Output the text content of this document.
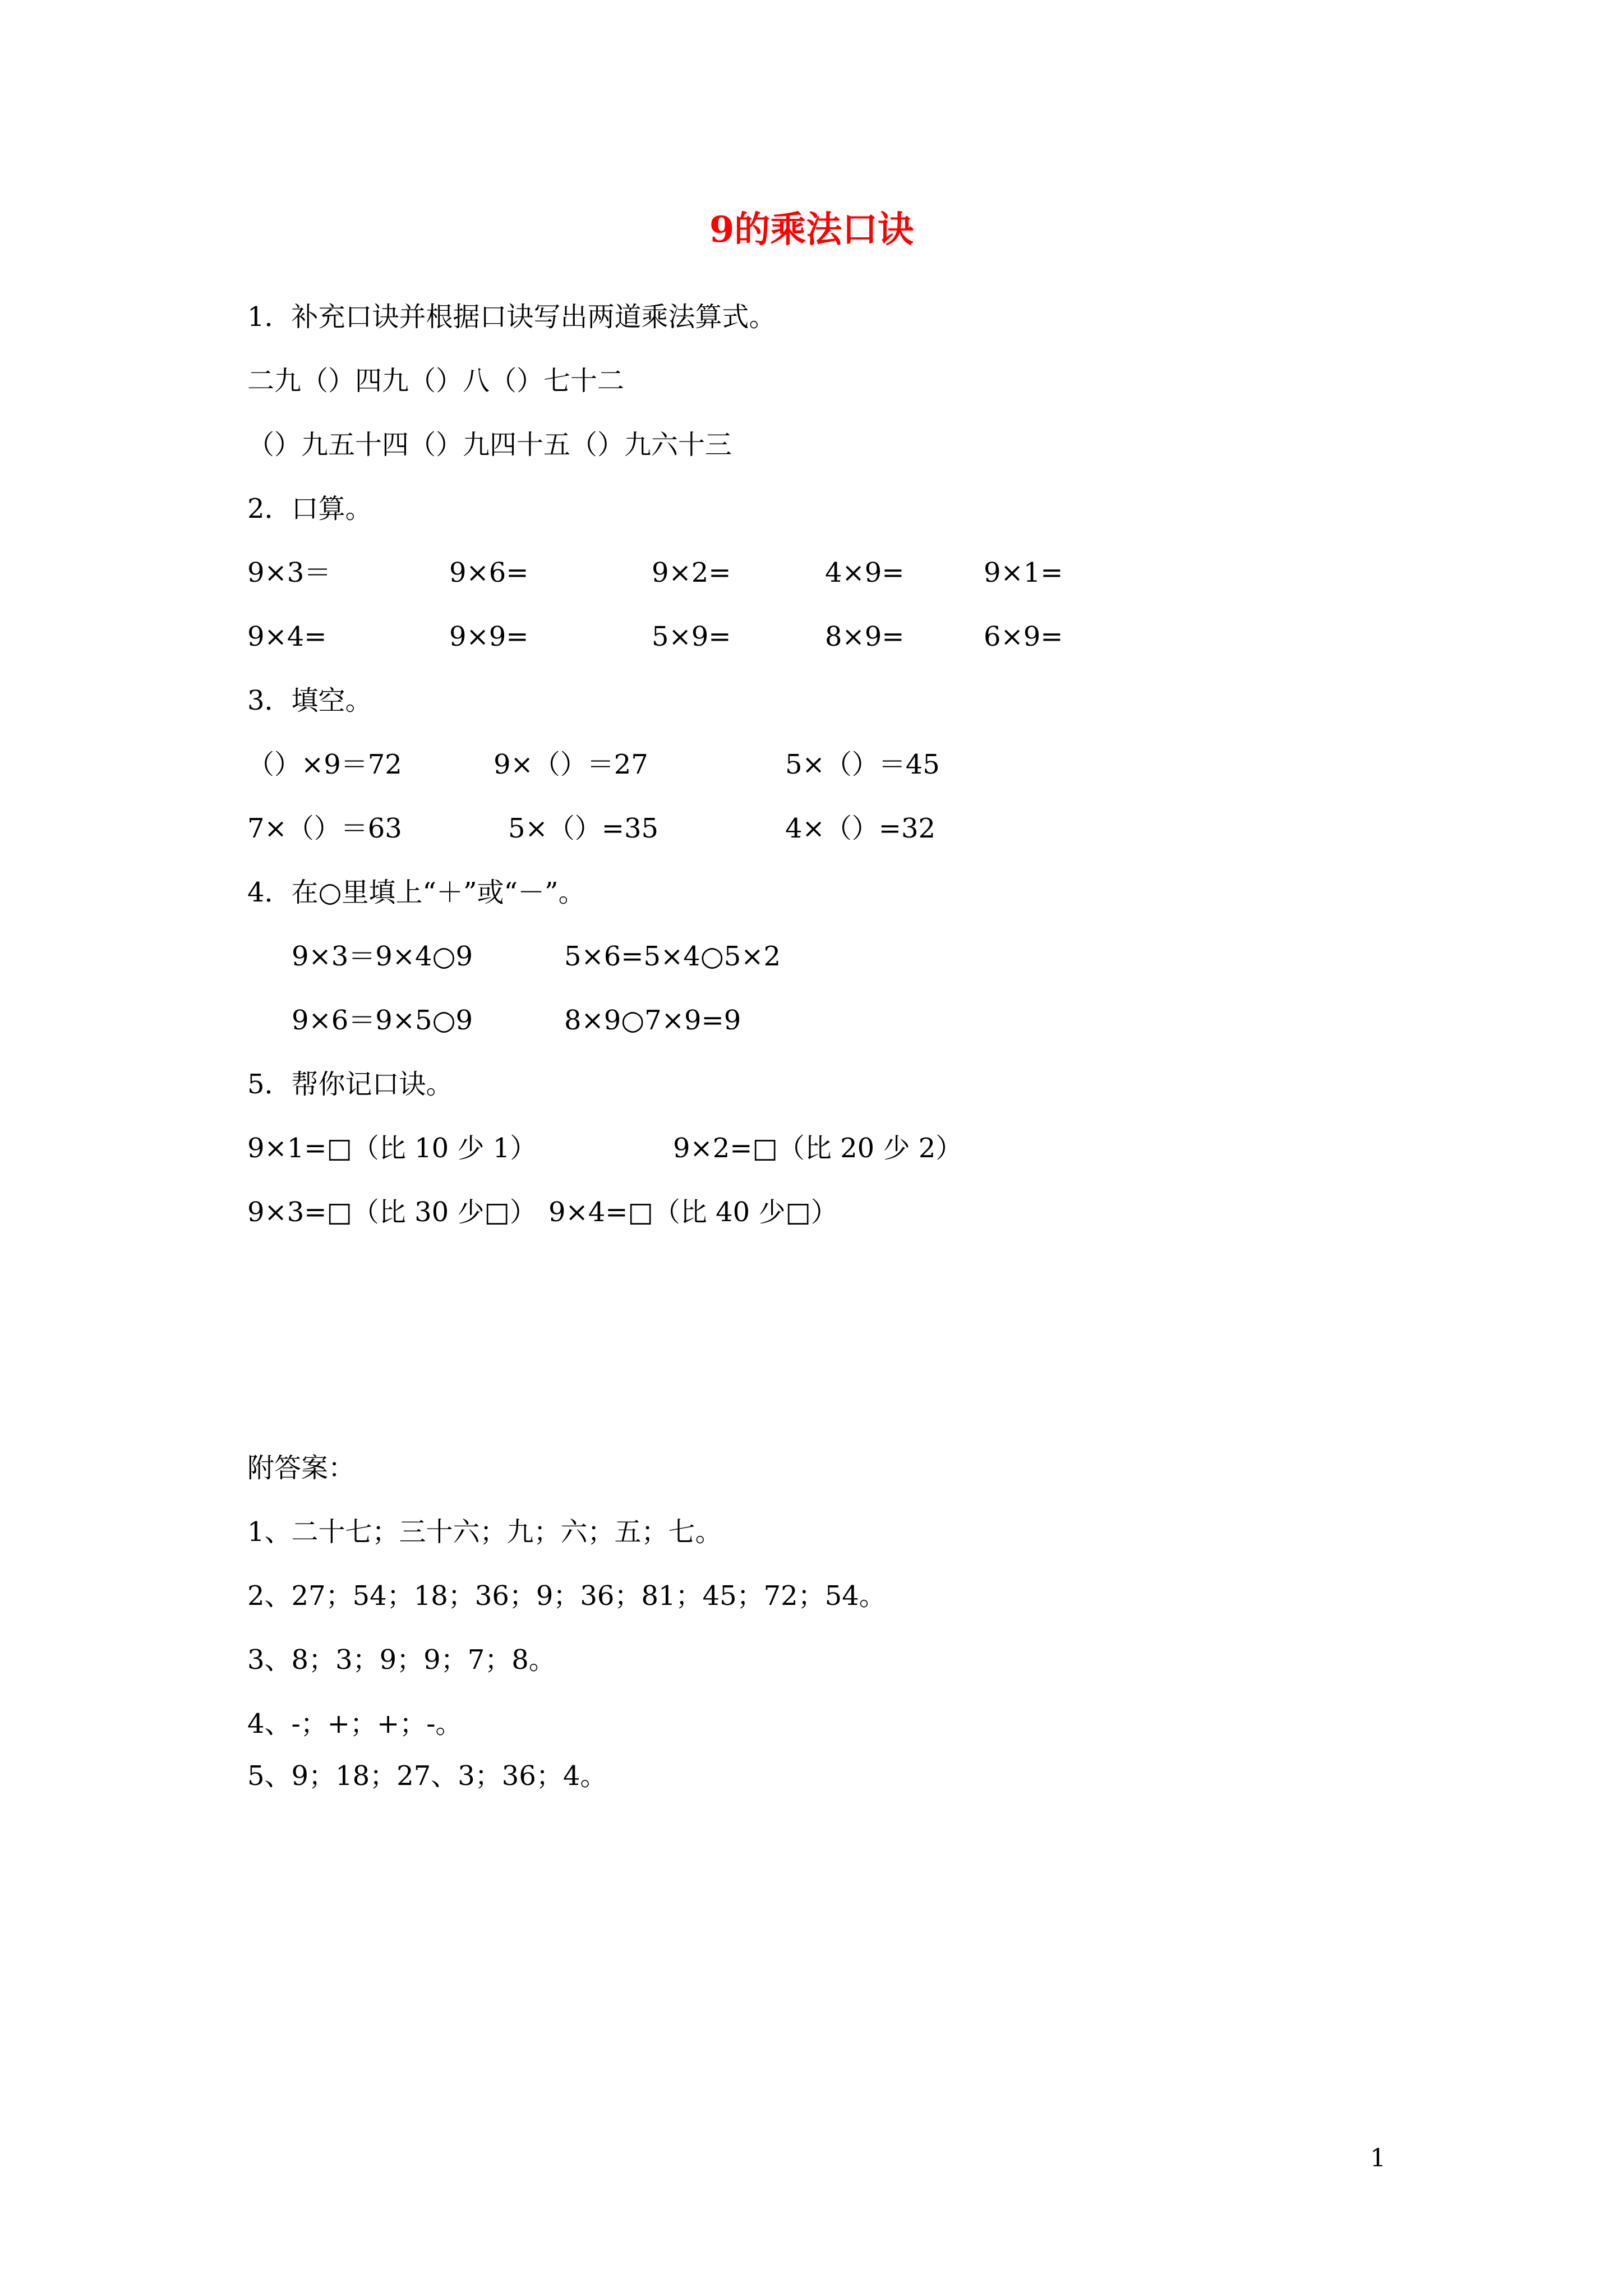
9的乘法口诀
1．补充口诀并根据口诀写出两道乘法算式。
二九（）四九（）八（）七十二
（）九五十四（）九四十五（）九六十三
2．口算。
9×3＝	9×6=	9×2=	4×9=	9×1=
9×4=	9×9=	5×9=	8×9=	6×9=
3．填空。
（）×9＝72	9×（）＝27	5×（）＝45
7×（）＝63	5×（）=35	4×（）=32
4．在○里填上“＋”或“－”。
9×3＝9×4○9	5×6=5×4○5×2
9×6＝9×5○9	8×9○7×9=9
5．帮你记口诀。
9×1=□（比 10 少 1）	9×2=□（比 20 少 2）
9×3=□（比 30 少□） 9×4=□（比 40 少□）
附答案：
1、二十七；三十六；九；六；五；七。
2、27；54；18；36；9；36；81；45；72；54。
3、8；3；9；9；7；8。
4、-；+；+；-。
5、9；18；27、3；36；4。
1
